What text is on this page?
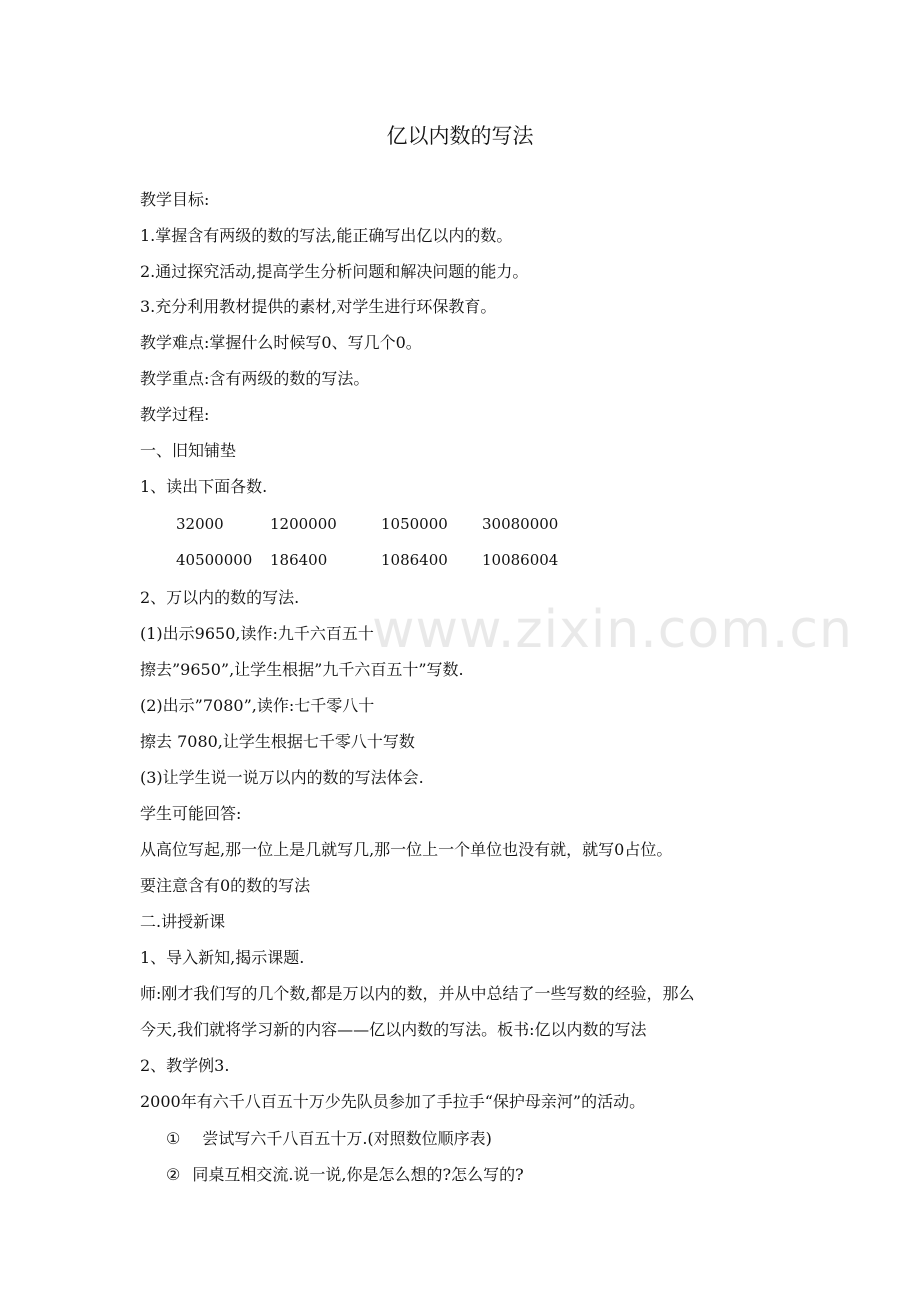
亿以内数的写法
www.zixin.com.cn
教学目标:
1.掌握含有两级的数的写法,能正确写出亿以内的数。
2.通过探究活动,提高学生分析问题和解决问题的能力。
3.充分利用教材提供的素材,对学生进行环保教育。
教学难点:掌握什么时候写0、写几个0。
教学重点:含有两级的数的写法。
教学过程:
一、旧知铺垫
1、读出下面各数.
32000	1200000	1050000 30080000
40500000 186400	1086400 10086004
2、万以内的数的写法.
(1)出示9650,读作:九千六百五十
擦去”9650”,让学生根据”九千六百五十”写数.
(2)出示”7080”,读作:七千零八十
擦去 7080,让学生根据七千零八十写数
(3)让学生说一说万以内的数的写法体会.
学生可能回答:
从高位写起,那一位上是几就写几,那一位上一个单位也没有就，就写0占位。
要注意含有0的数的写法
二.讲授新课
1、导入新知,揭示课题.
师:刚才我们写的几个数,都是万以内的数，并从中总结了一些写数的经验，那么
今天,我们就将学习新的内容——亿以内数的写法。板书:亿以内数的写法
2、教学例3.
2000年有六千八百五十万少先队员参加了手拉手“保护母亲河”的活动。
① 尝试写六千八百五十万.(对照数位顺序表)
② 同桌互相交流.说一说,你是怎么想的?怎么写的?
